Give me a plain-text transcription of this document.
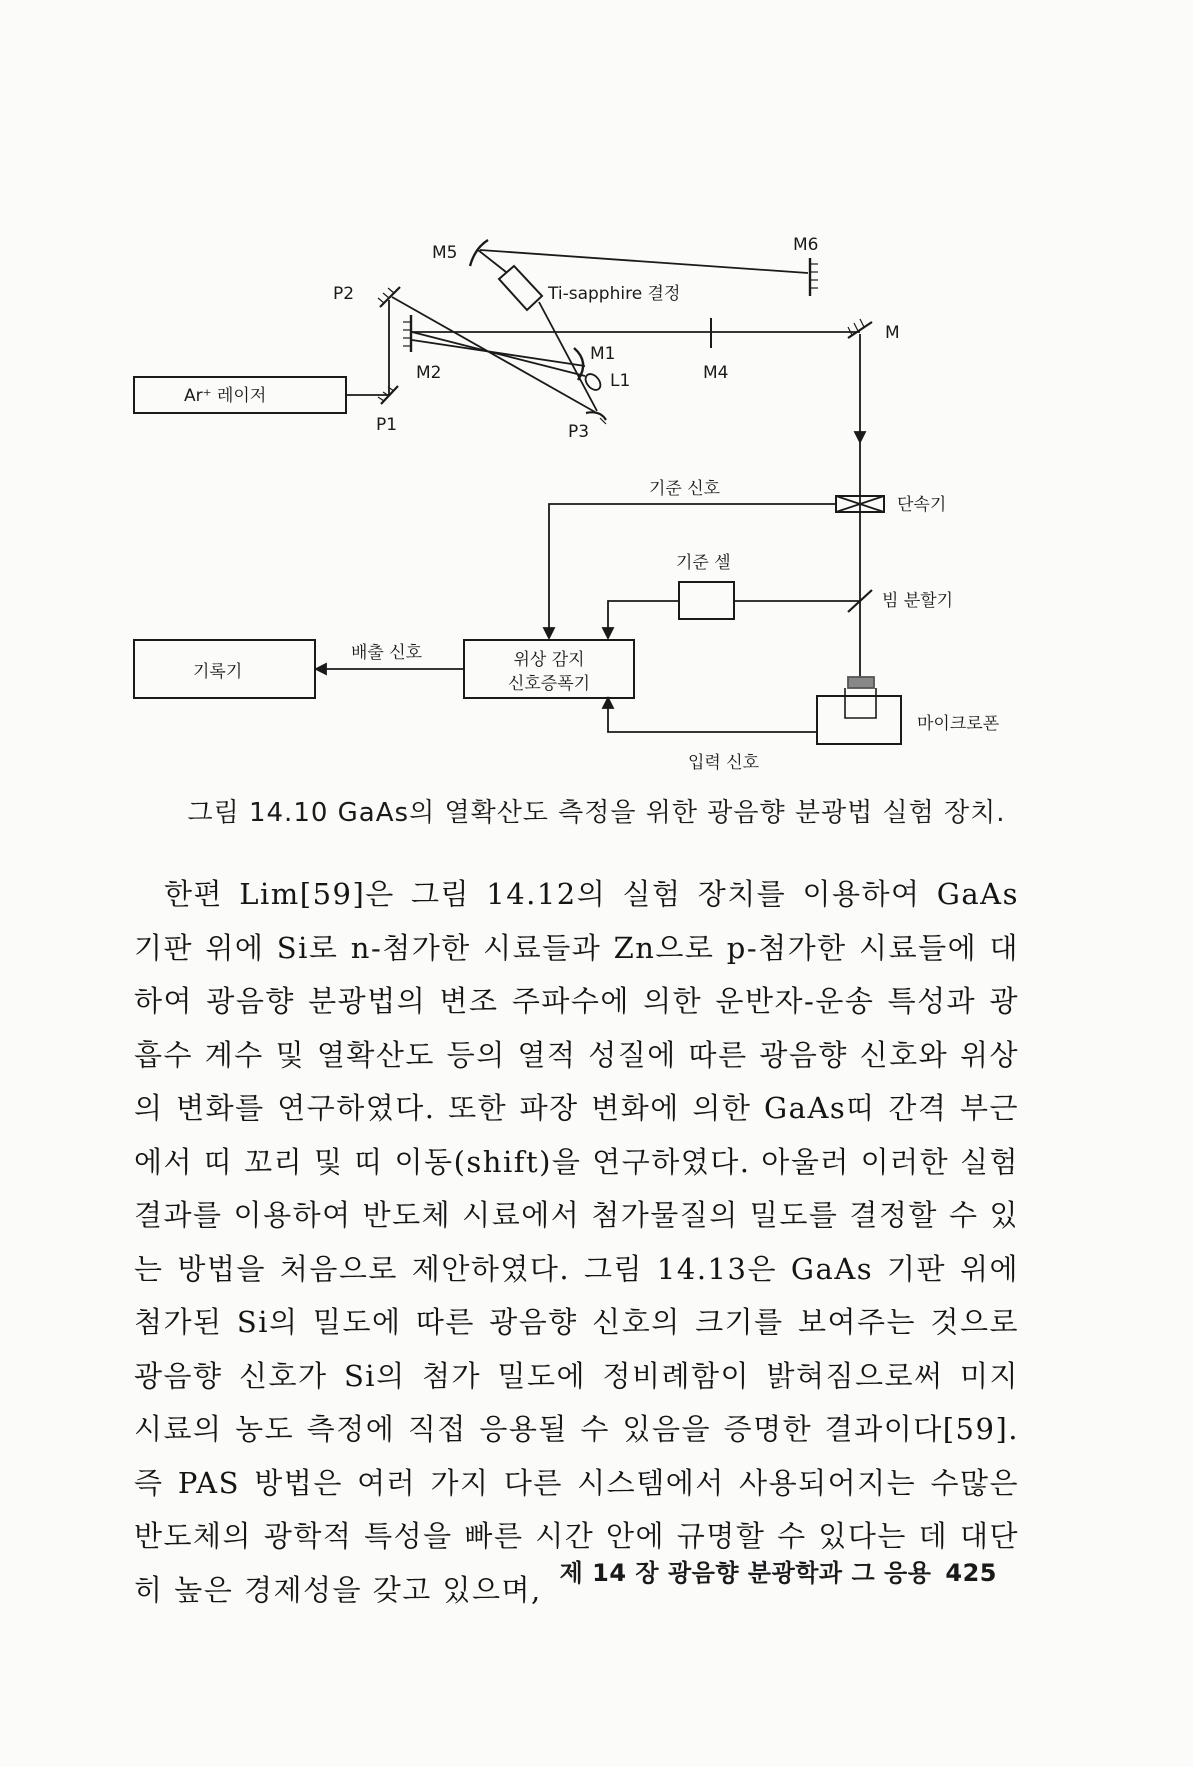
M5	M6
P2	Ti-sapphire 결정
M
M1
L1
M2	M4
Ar⁺ 레이저
P1	P3
기준 신호
단속기
기준 셀
빔 분할기
배출 신호
기록기
위상 감지
신호증폭기
마이크로폰
입력 신호
그림 14.10 GaAs의 열확산도 측정을 위한 광음향 분광법 실험 장치.

한편 Lim[59]은 그림 14.12의 실험 장치를 이용하여 GaAs 기판 위에 Si로 n-첨가한 시료들과 Zn으로 p-첨가한 시료들에 대하여 광음향 분광법의 변조 주파수에 의한 운반자-운송 특성과 광흡수 계수 및 열확산도 등의 열적 성질에 따른 광음향 신호와 위상의 변화를 연구하였다. 또한 파장 변화에 의한 GaAs띠 간격 부근에서 띠 꼬리 및 띠 이동(shift)을 연구하였다. 아울러 이러한 실험 결과를 이용하여 반도체 시료에서 첨가물질의 밀도를 결정할 수 있는 방법을 처음으로 제안하였다. 그림 14.13은 GaAs 기판 위에 첨가된 Si의 밀도에 따른 광음향 신호의 크기를 보여주는 것으로 광음향 신호가 Si의 첨가 밀도에 정비례함이 밝혀짐으로써 미지 시료의 농도 측정에 직접 응용될 수 있음을 증명한 결과이다[59]. 즉 PAS 방법은 여러 가지 다른 시스템에서 사용되어지는 수많은 반도체의 광학적 특성을 빠른 시간 안에 규명할 수 있다는 데 대단히 높은 경제성을 갖고 있으며, 제 14 장 광음향 분광학과 그 응용 425
